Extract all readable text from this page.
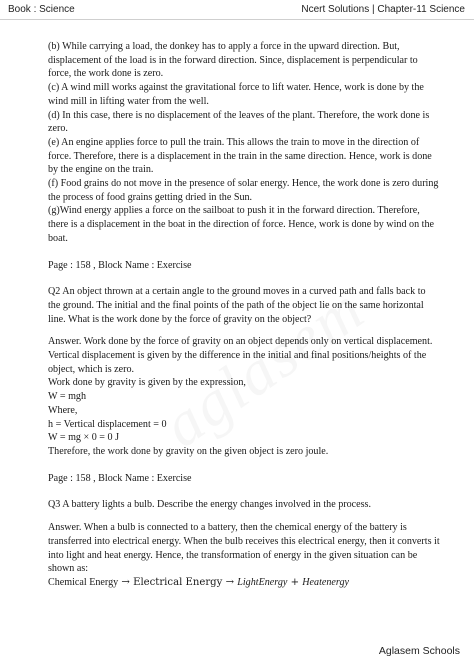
Book : Science	Ncert Solutions | Chapter-11 Science

(b) While carrying a load, the donkey has to apply a force in the upward direction. But, displacement of the load is in the forward direction. Since, displacement is perpendicular to force, the work done is zero.

(c) A wind mill works against the gravitational force to lift water. Hence, work is done by the wind mill in lifting water from the well.

(d) In this case, there is no displacement of the leaves of the plant. Therefore, the work done is zero.

(e) An engine applies force to pull the train. This allows the train to move in the direction of force. Therefore, there is a displacement in the train in the same direction. Hence, work is done by the engine on the train.

(f) Food grains do not move in the presence of solar energy. Hence, the work done is zero during the process of food grains getting dried in the Sun.

(g)Wind energy applies a force on the sailboat to push it in the forward direction. Therefore, there is a displacement in the boat in the direction of force. Hence, work is done by wind on the boat.

Page : 158 , Block Name : Exercise

Q2 An object thrown at a certain angle to the ground moves in a curved path and falls back to the ground. The initial and the final points of the path of the object lie on the same horizontal line. What is the work done by the force of gravity on the object?

Answer. Work done by the force of gravity on an object depends only on vertical displacement. Vertical displacement is given by the difference in the initial and final positions/heights of the object, which is zero.

Work done by gravity is given by the expression,

W = mgh

Where,

h = Vertical displacement = 0

W = mg × 0 = 0 J

Therefore, the work done by gravity on the given object is zero joule.

Page : 158 , Block Name : Exercise

Q3 A battery lights a bulb. Describe the energy changes involved in the process.

Answer. When a bulb is connected to a battery, then the chemical energy of the battery is transferred into electrical energy. When the bulb receives this electrical energy, then it converts it into light and heat energy. Hence, the transformation of energy in the given situation can be shown as:

Chemical Energy → Electrical Energy → LightEnergy + Heatenergy

Aglasem Schools
